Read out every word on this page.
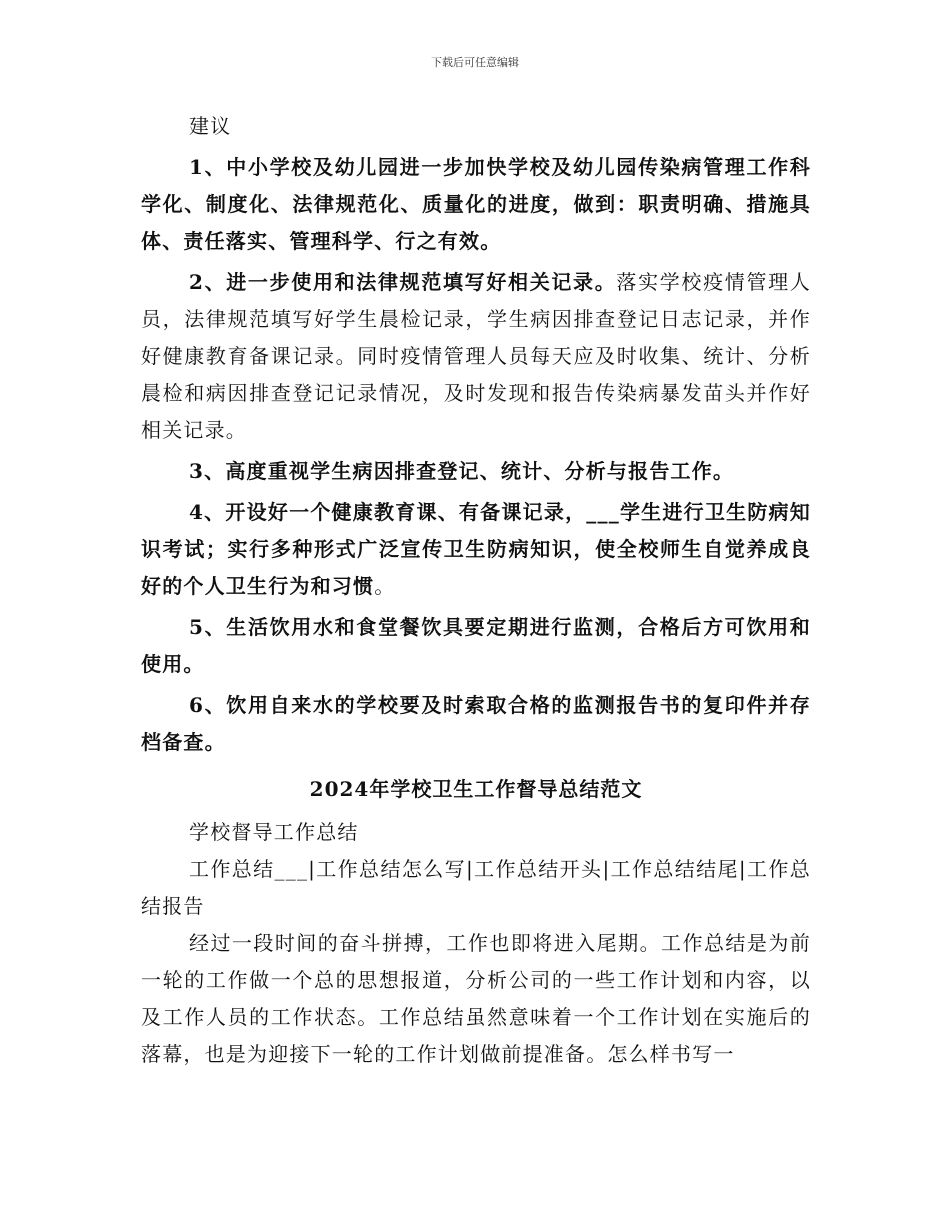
下载后可任意编辑

建议

1、中小学校及幼儿园进一步加快学校及幼儿园传染病管理工作科学化、制度化、法律规范化、质量化的进度，做到：职责明确、措施具体、责任落实、管理科学、行之有效。

2、进一步使用和法律规范填写好相关记录。落实学校疫情管理人员，法律规范填写好学生晨检记录，学生病因排查登记日志记录，并作好健康教育备课记录。同时疫情管理人员每天应及时收集、统计、分析晨检和病因排查登记记录情况，及时发现和报告传染病暴发苗头并作好相关记录。

3、高度重视学生病因排查登记、统计、分析与报告工作。

4、开设好一个健康教育课、有备课记录，___学生进行卫生防病知识考试；实行多种形式广泛宣传卫生防病知识，使全校师生自觉养成良好的个人卫生行为和习惯。

5、生活饮用水和食堂餐饮具要定期进行监测，合格后方可饮用和使用。

6、饮用自来水的学校要及时索取合格的监测报告书的复印件并存档备查。

2024年学校卫生工作督导总结范文

学校督导工作总结

工作总结___|工作总结怎么写|工作总结开头|工作总结结尾|工作总结报告

经过一段时间的奋斗拼搏，工作也即将进入尾期。工作总结是为前一轮的工作做一个总的思想报道，分析公司的一些工作计划和内容，以及工作人员的工作状态。工作总结虽然意味着一个工作计划在实施后的落幕，也是为迎接下一轮的工作计划做前提准备。怎么样书写一
